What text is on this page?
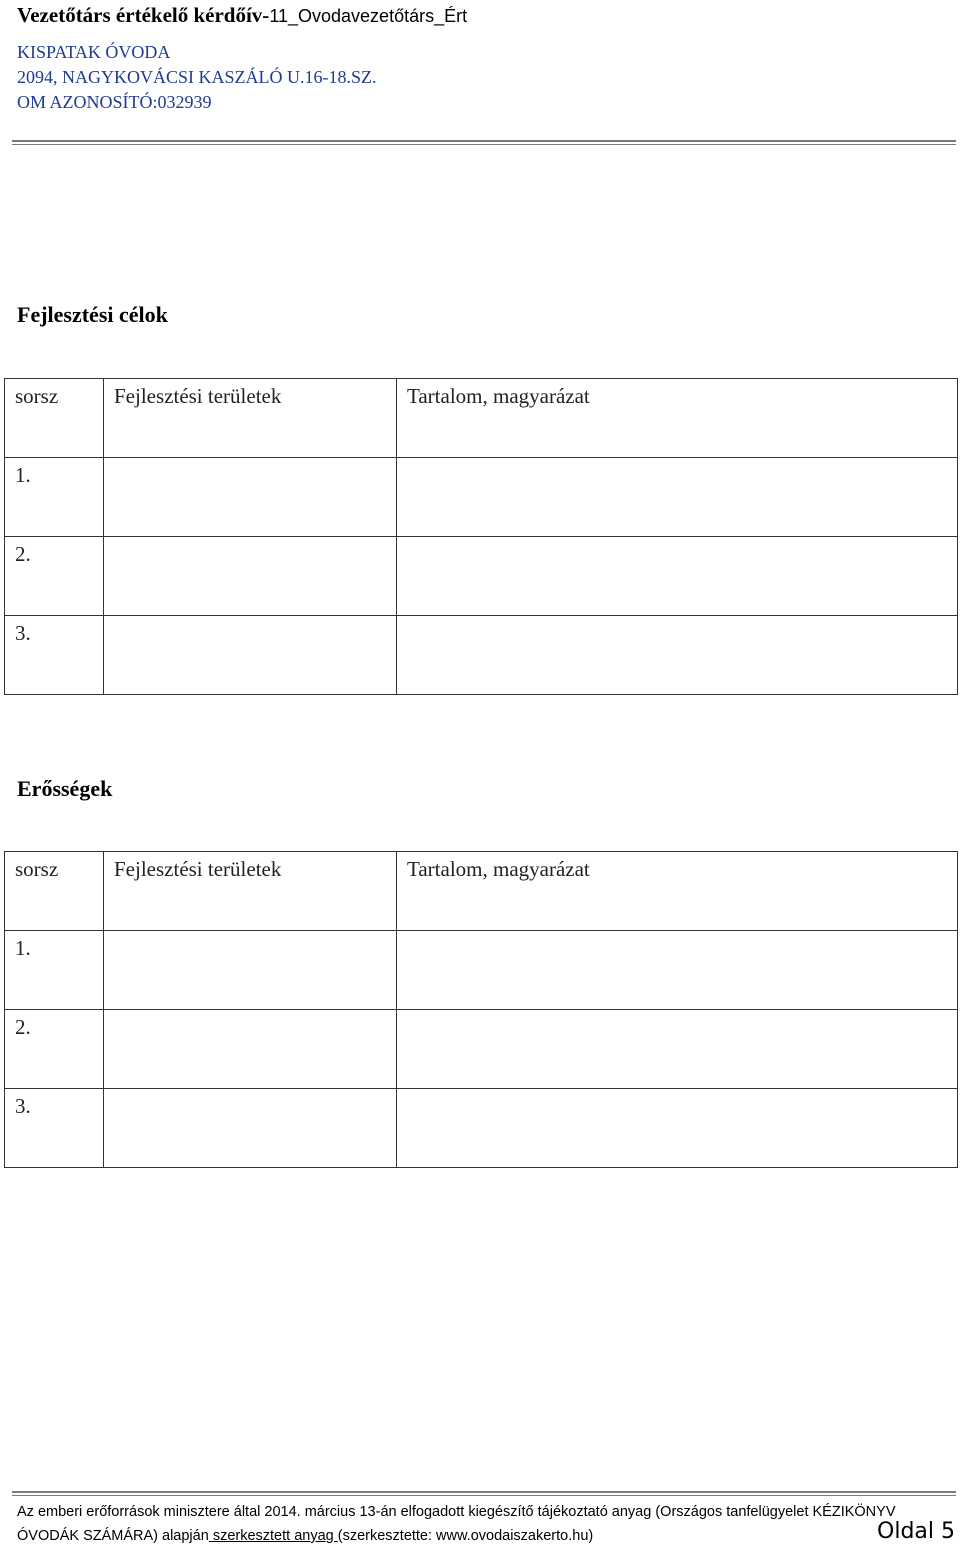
Vezetőtárs értékelő kérdőív-11_Ovodavezetőtárs_Ért
KISPATAK ÓVODA
2094, NAGYKOVÁCSI KASZÁLÓ U.16-18.SZ.
OM AZONOSÍTÓ:032939
Fejlesztési célok
sorsz	Fejlesztési területek	Tartalom, magyarázat

1.		

2.		

3.		

Erősségek
sorsz	Fejlesztési területek	Tartalom, magyarázat

1.		

2.		

3.		

Az emberi erőforrások minisztere által 2014. március 13-án elfogadott kiegészítő tájékoztató anyag (Országos tanfelügyelet KÉZIKÖNYV
ÓVODÁK SZÁMÁRA) alapján szerkesztett anyag (szerkesztette: www.ovodaiszakerto.hu)	Oldal 5
